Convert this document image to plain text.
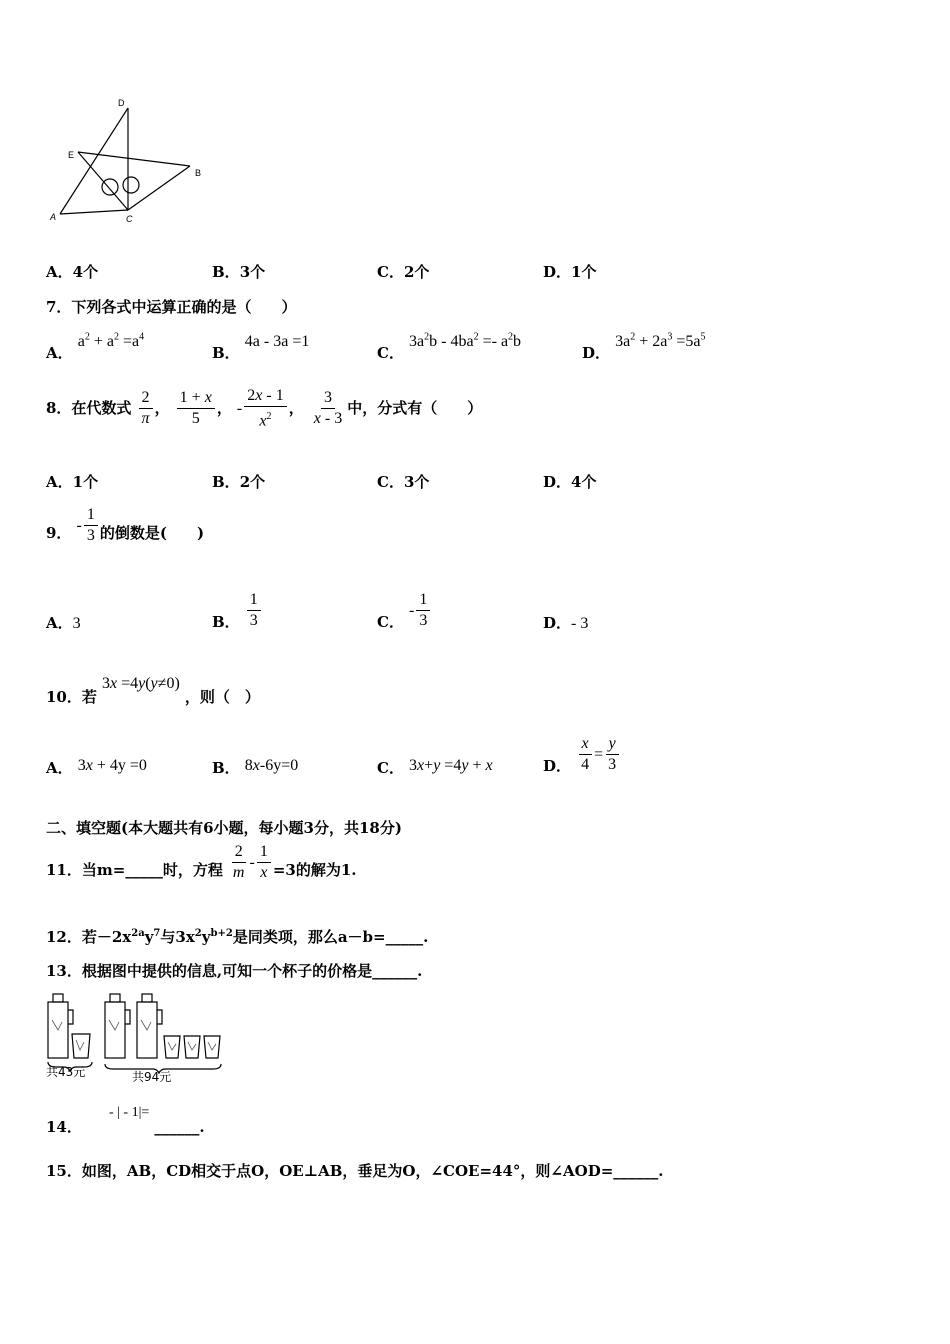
D
E
B
A	C
A．4个	B．3个	C．2个	D．1个
7．下列各式中运算正确的是（　　）
A． $a^2 + a^2 =a^4$
B． 4a - 3a =1
C． $3a^2b - 4ba^2 =- a^2b$
D． $3a^2 + 2a^3 =5a^5$
8．在代数式 $\frac{2}{\pi}$ ， $\frac{1 + x}{5}$ ， - $\frac{2x - 1}{x^2}$ ， $\frac{3}{x - 3}$ 中，分式有（　　）
A．1个	B．2个	C．3个	D．4个
9． - $\frac{1}{3}$ 的倒数是(　　)
A．3	B． $\frac{1}{3}$	C． - $\frac{1}{3}$	D．- 3
10．若 3x =4y(y≠0) ，则（　）
A． 3x + 4y =0	B． 8x-6y=0	C． 3x+y =4y + x	D． $\frac{x}{4} = \frac{y}{3}$
二、填空题(本大题共有6小题，每小题3分，共18分)
11．当m=_____时，方程 $\frac{2}{m} - \frac{1}{x} =3$的解为1.
12．若$-2x^{2a}y^7$与$3x^2y^{b+2}$是同类项，那么a－b=_____.
13．根据图中提供的信息,可知一个杯子的价格是______.
共43元	共94元
14． - | - 1|= ______.
15．如图，AB，CD相交于点O，OE⊥AB，垂足为O，∠COE=44°，则∠AOD=______.
